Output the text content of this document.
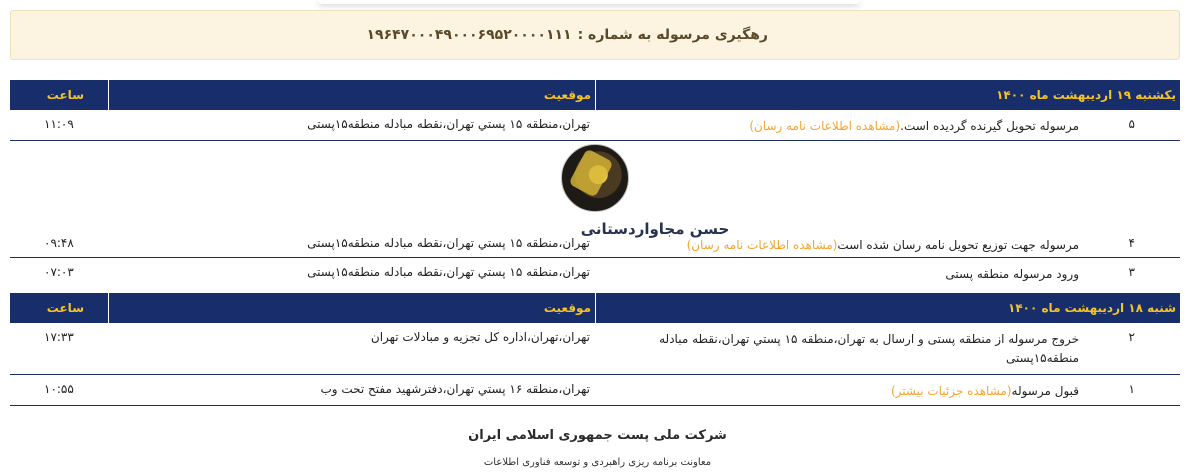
رهگیری مرسوله به شماره :
۱۹۶۴۷۰۰۰۴۹۰۰۰۶۹۵۲۰۰۰۰۱۱۱
یکشنبه ۱۹ اردیبهشت ماه ۱۴۰۰
موقعیت
ساعت
۵
مرسوله تحویل گیرنده گردیده است.(مشاهده اطلاعات نامه رسان)
تهران،منطقه ۱۵ پستي تهران،نقطه مبادله منطقه۱۵پستی
۱۱:۰۹
حسن مجاواردستانی
۴
مرسوله جهت توزیع تحویل نامه رسان شده است(مشاهده اطلاعات نامه رسان)
تهران،منطقه ۱۵ پستي تهران،نقطه مبادله منطقه۱۵پستی
۰۹:۴۸
۳
ورود مرسوله منطقه پستی
تهران،منطقه ۱۵ پستي تهران،نقطه مبادله منطقه۱۵پستی
۰۷:۰۳
شنبه ۱۸ اردیبهشت ماه ۱۴۰۰
موقعیت
ساعت
۲
خروج مرسوله از منطقه پستی و ارسال به تهران،منطقه ۱۵ پستي تهران،نقطه مبادله منطقه۱۵پستی
تهران،تهران،اداره کل تجزیه و مبادلات تهران
۱۷:۳۳
۱
قبول مرسوله(مشاهده جزئیات بیشتر)
تهران،منطقه ۱۶ پستي تهران،دفترشهید مفتح تحت وب
۱۰:۵۵
شرکت ملی پست جمهوری اسلامی ایران
معاونت برنامه ریزی راهبردی و توسعه فناوری اطلاعات
